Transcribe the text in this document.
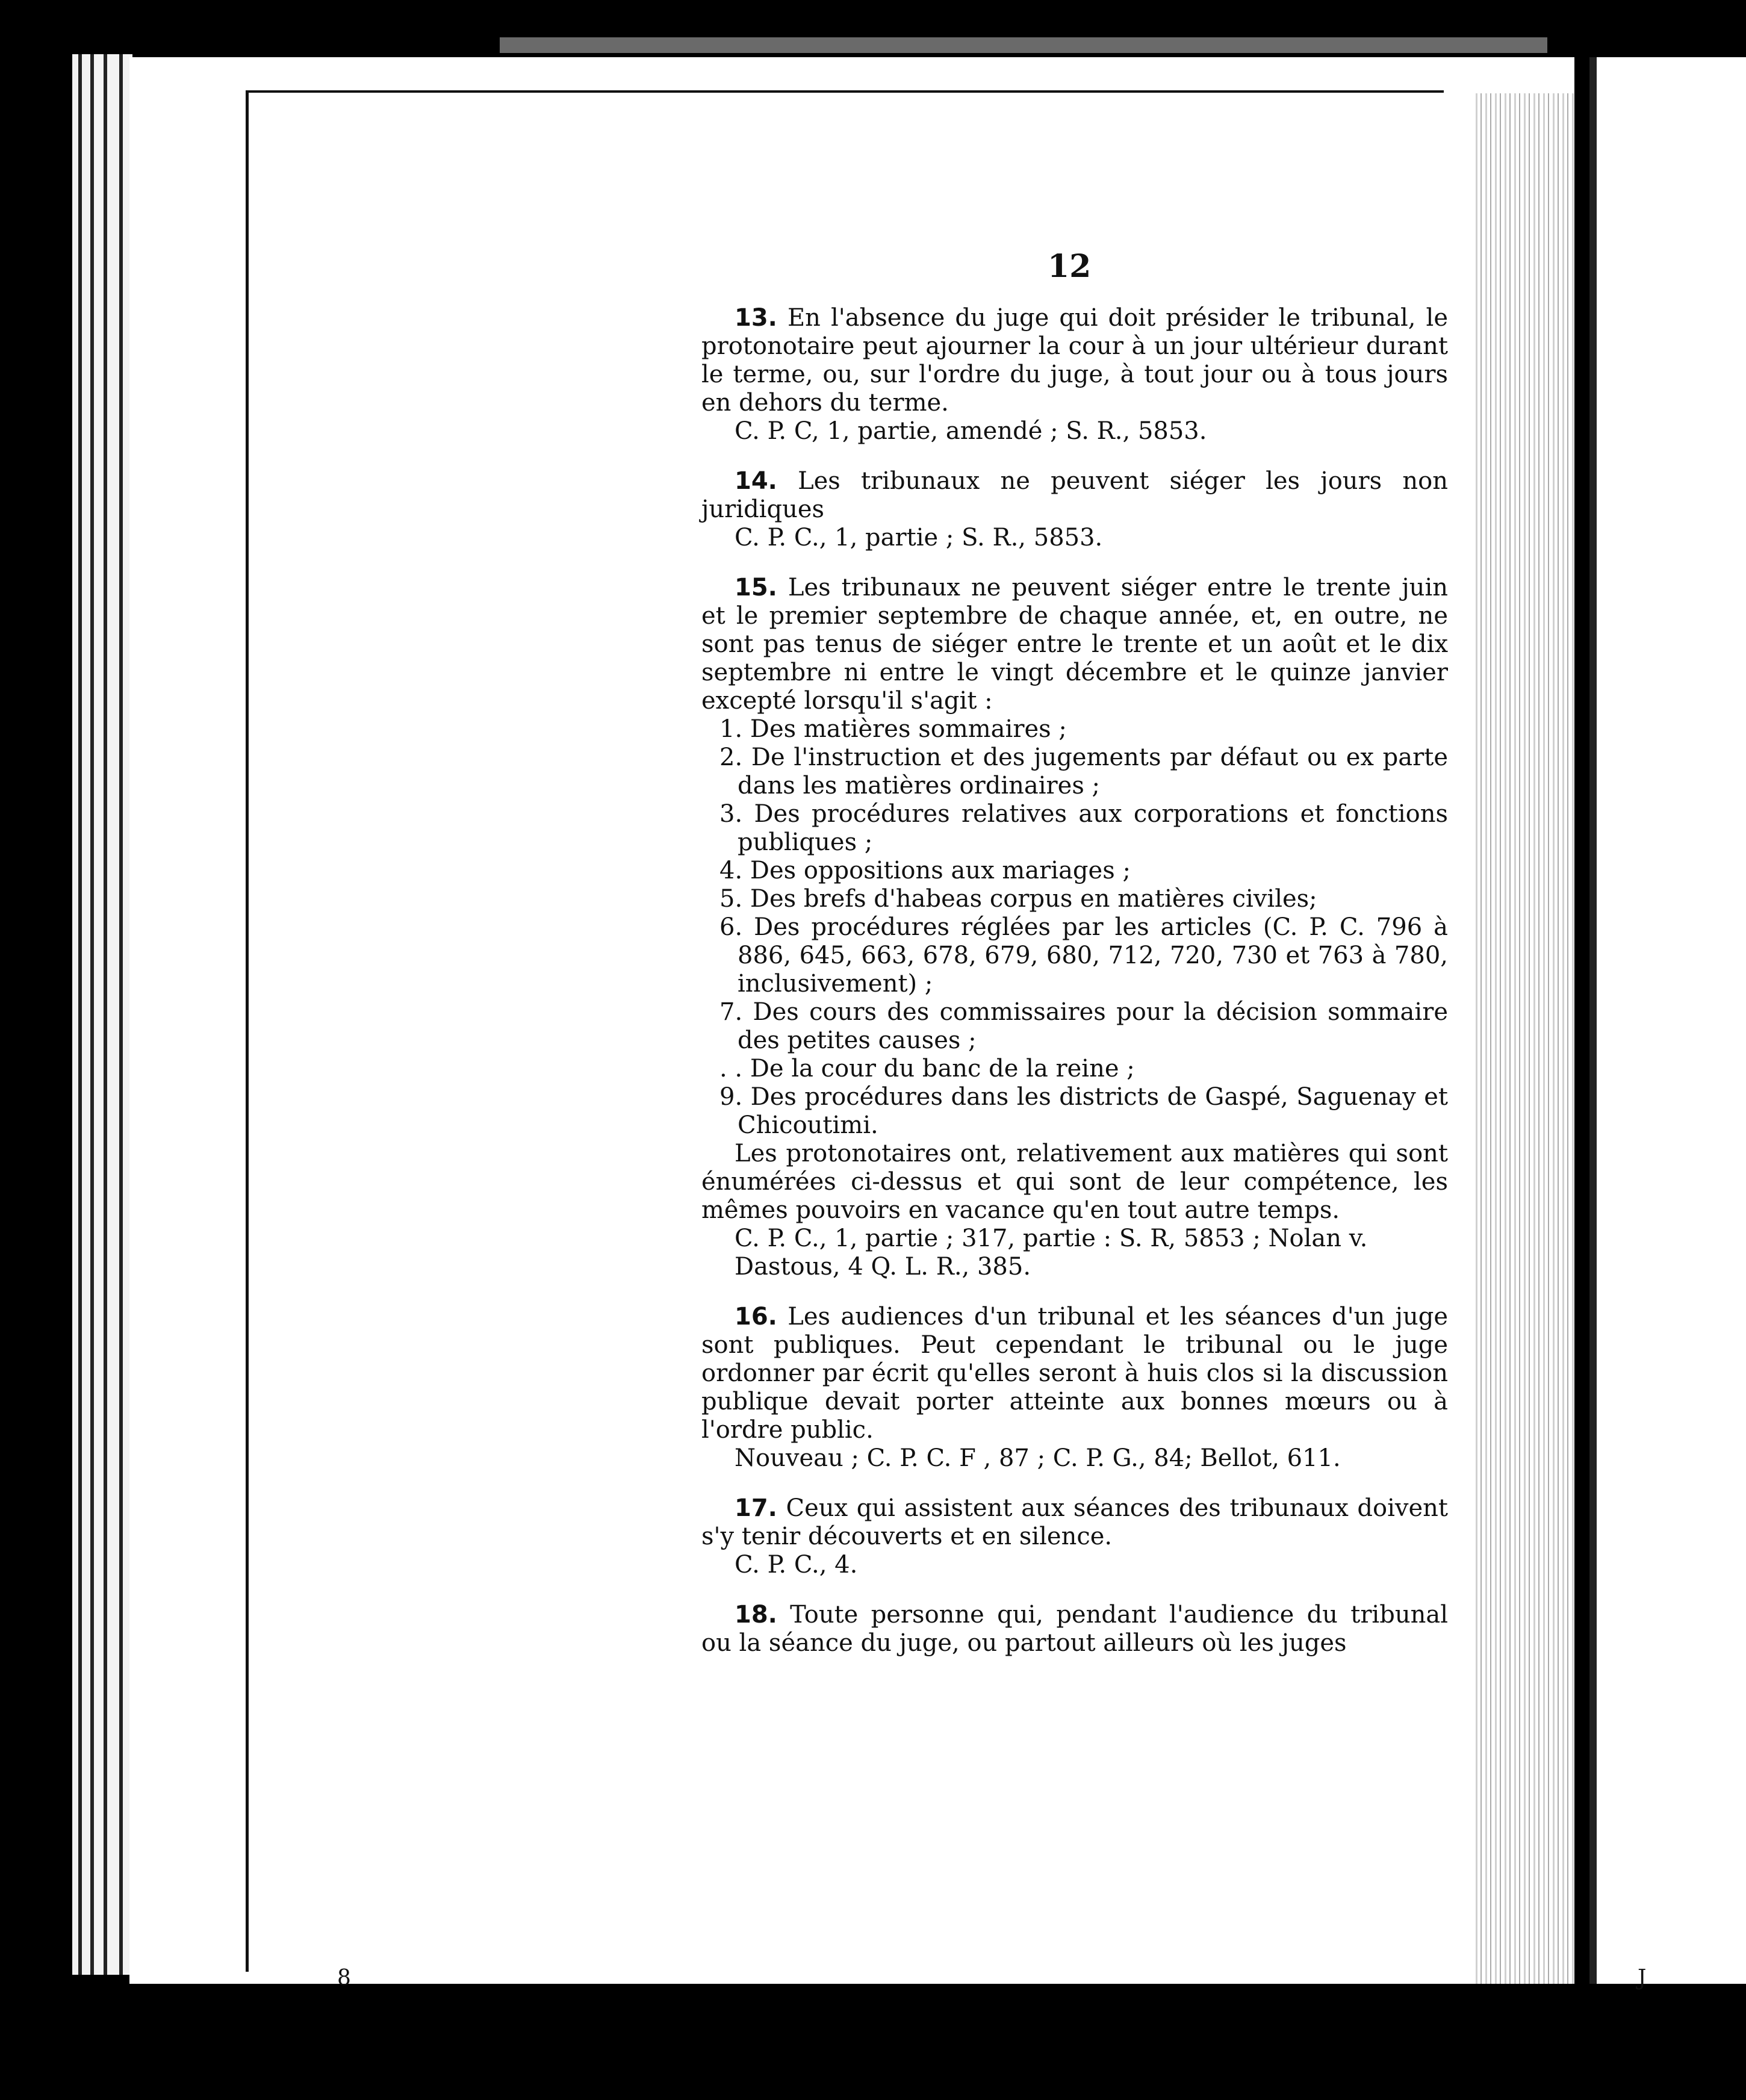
12

13. En l'absence du juge qui doit présider le tribunal, le protonotaire peut ajourner la cour à un jour ultérieur durant le terme, ou, sur l'ordre du juge, à tout jour ou à tous jours en dehors du terme.

C. P. C, 1, partie, amendé ; S. R., 5853.

14. Les tribunaux ne peuvent siéger les jours non juridiques

C. P. C., 1, partie ; S. R., 5853.

15. Les tribunaux ne peuvent siéger entre le trente juin et le premier septembre de chaque année, et, en outre, ne sont pas tenus de siéger entre le trente et un août et le dix septembre ni entre le vingt décembre et le quinze janvier excepté lorsqu'il s'agit :

1. Des matières sommaires ;

2. De l'instruction et des jugements par défaut ou ex parte dans les matières ordinaires ;

3. Des procédures relatives aux corporations et fonctions publiques ;

4. Des oppositions aux mariages ;

5. Des brefs d'habeas corpus en matières civiles;

6. Des procédures réglées par les articles (C. P. C. 796 à 886, 645, 663, 678, 679, 680, 712, 720, 730 et 763 à 780, inclusivement) ;

7. Des cours des commissaires pour la décision sommaire des petites causes ;

. . De la cour du banc de la reine ;

9. Des procédures dans les districts de Gaspé, Saguenay et Chicoutimi.

Les protonotaires ont, relativement aux matières qui sont énumérées ci-dessus et qui sont de leur compétence, les mêmes pouvoirs en vacance qu'en tout autre temps.

C. P. C., 1, partie ; 317, partie : S. R, 5853 ; Nolan v. Dastous, 4 Q. L. R., 385.

16. Les audiences d'un tribunal et les séances d'un juge sont publiques. Peut cependant le tribunal ou le juge ordonner par écrit qu'elles seront à huis clos si la discussion publique devait porter atteinte aux bonnes mœurs ou à l'ordre public.

Nouveau ; C. P. C. F , 87 ; C. P. G., 84; Bellot, 611.

17. Ceux qui assistent aux séances des tribunaux doivent s'y tenir découverts et en silence.

C. P. C., 4.

18. Toute personne qui, pendant l'audience du tribunal ou la séance du juge, ou partout ailleurs où les juges

8	J
